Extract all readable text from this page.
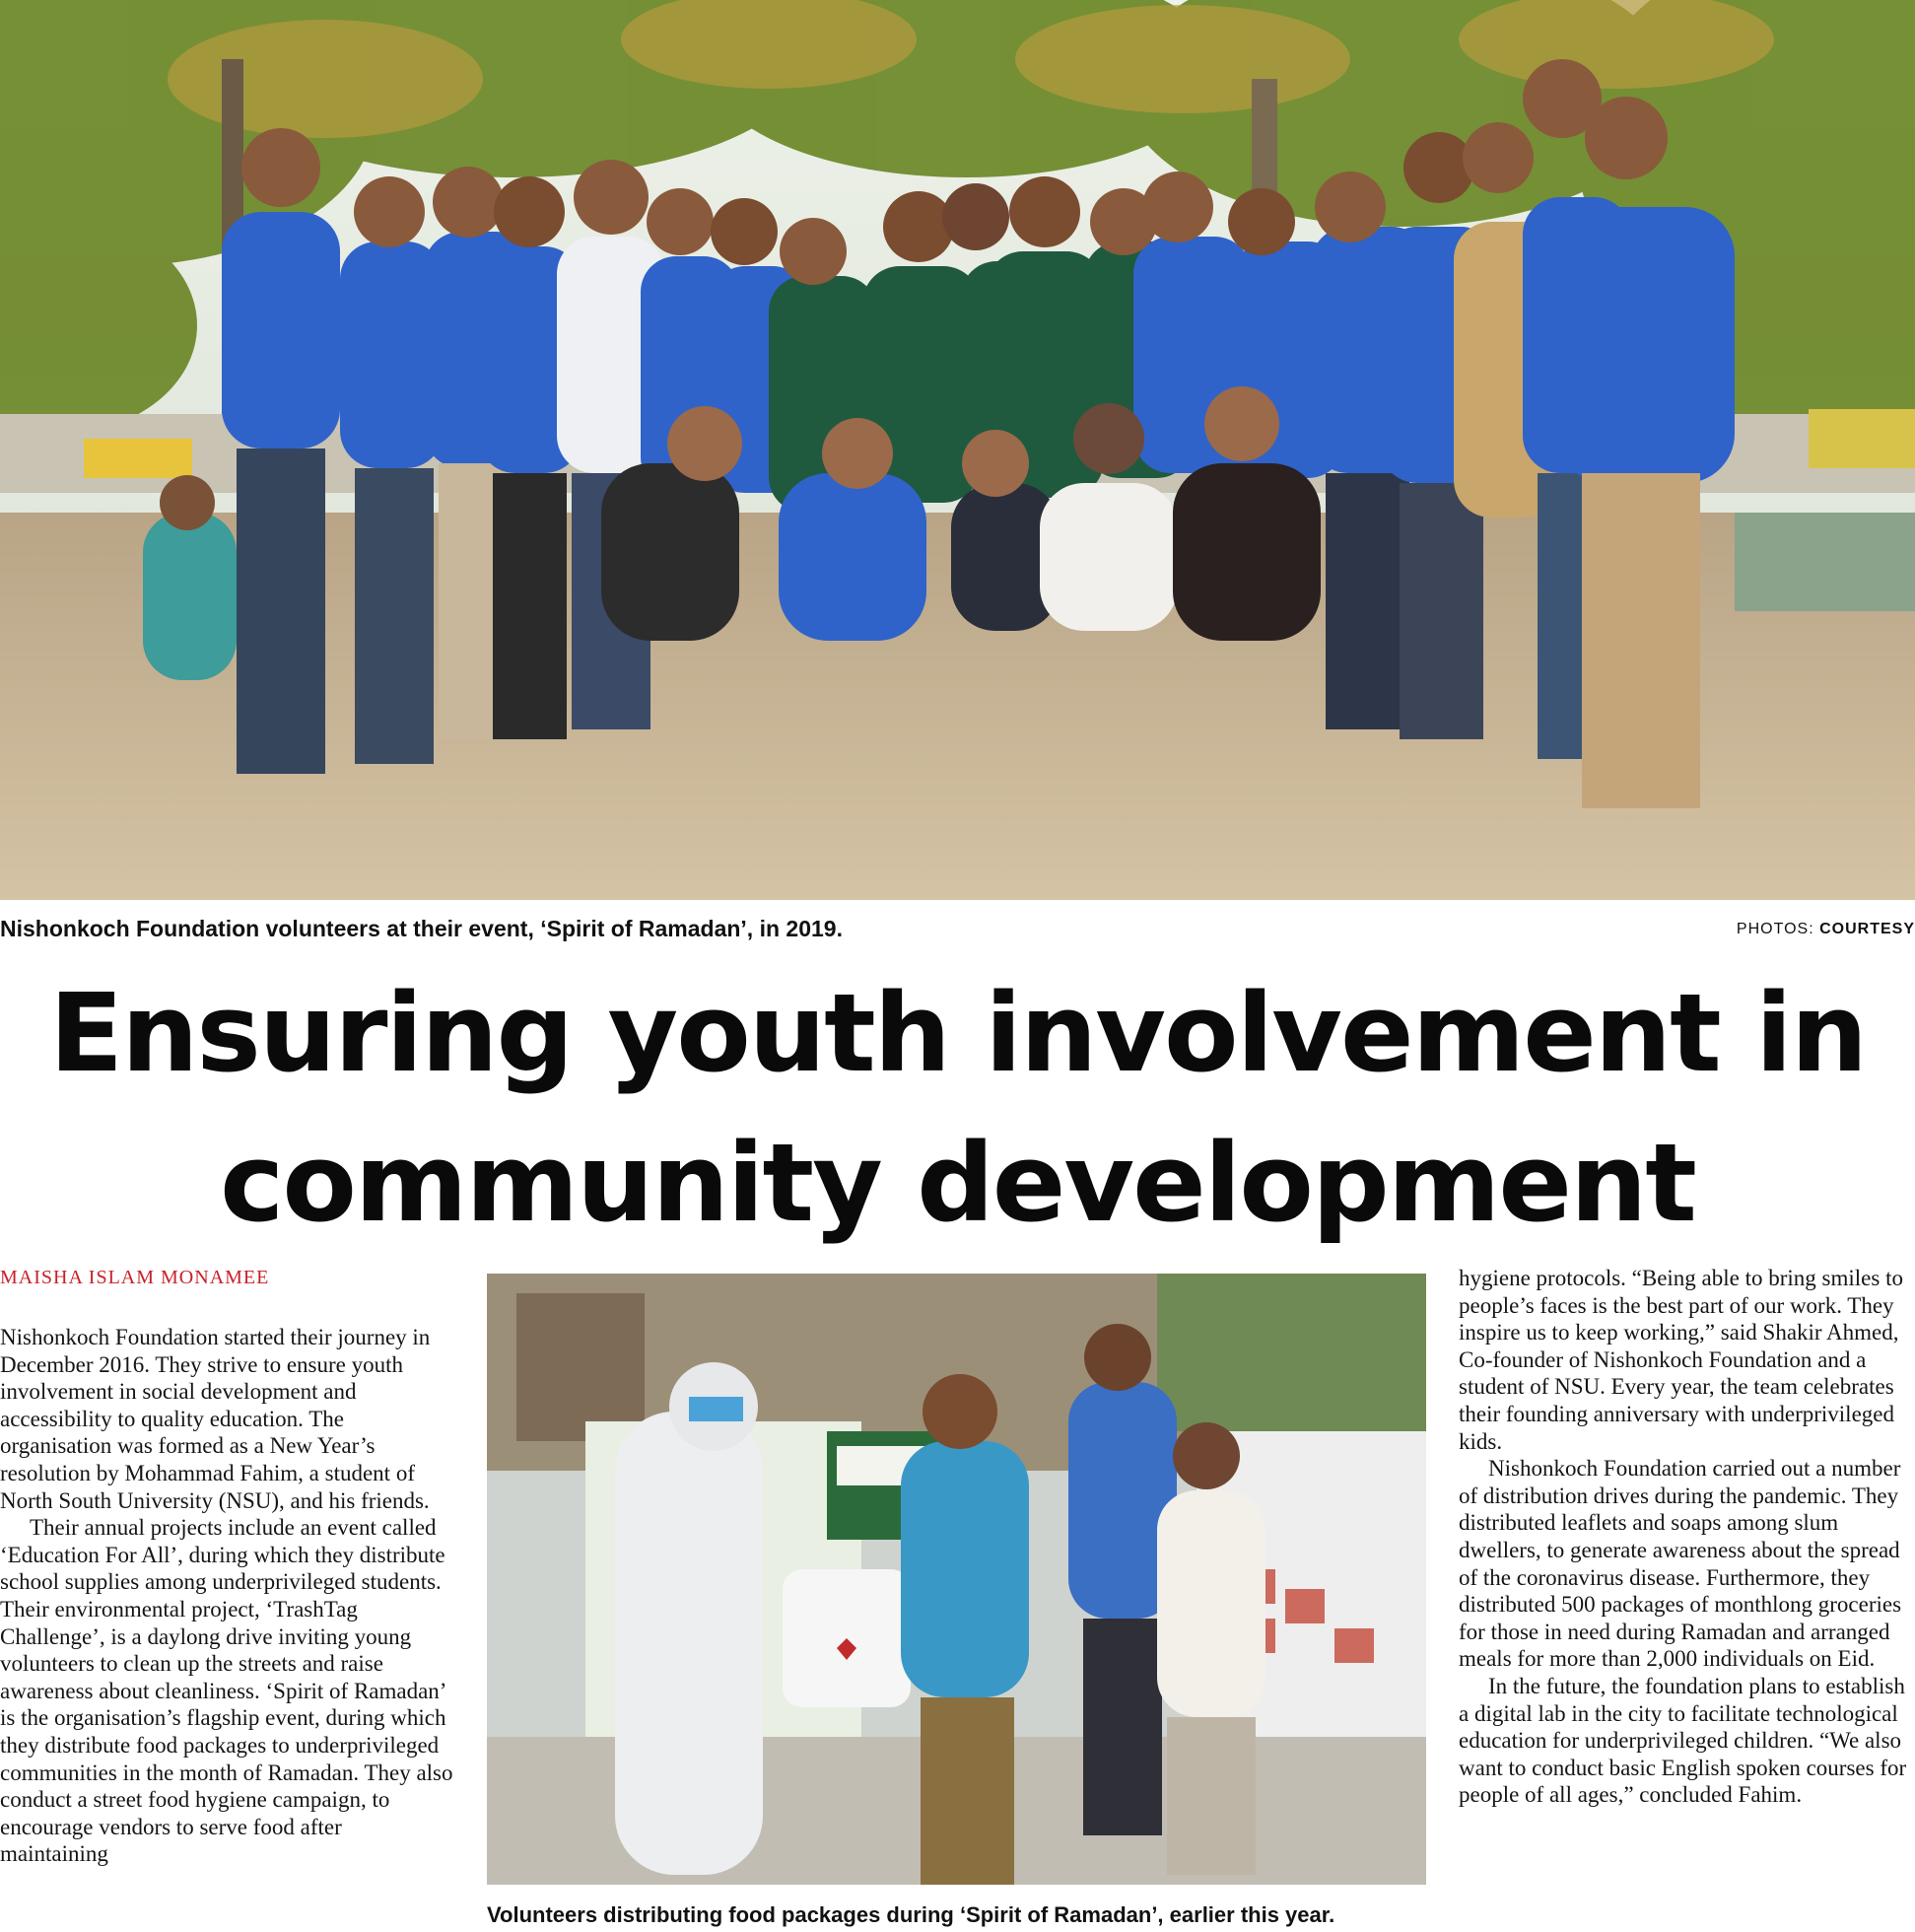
Nishonkoch Foundation volunteers at their event, ‘Spirit of Ramadan’, in 2019.	PHOTOS: COURTESY
Ensuring youth involvement in
community development
MAISHA ISLAM MONAMEE

Nishonkoch Foundation started their journey in December 2016. They strive to ensure youth involvement in social development and accessibility to quality education. The organisation was formed as a New Year’s resolution by Mohammad Fahim, a student of North South University (NSU), and his friends.

Their annual projects include an event called ‘Education For All’, during which they distribute school supplies among underprivileged students. Their environmental project, ‘TrashTag Challenge’, is a daylong drive inviting young volunteers to clean up the streets and raise awareness about cleanliness. ‘Spirit of Ramadan’ is the organisation’s flagship event, during which they distribute food packages to underprivileged communities in the month of Ramadan. They also conduct a street food hygiene campaign, to encourage vendors to serve food after maintaining

Volunteers distributing food packages during ‘Spirit of Ramadan’, earlier this year.

hygiene protocols. “Being able to bring smiles to people’s faces is the best part of our work. They inspire us to keep working,” said Shakir Ahmed, Co-founder of Nishonkoch Foundation and a student of NSU. Every year, the team celebrates their founding anniversary with underprivileged kids.

Nishonkoch Foundation carried out a number of distribution drives during the pandemic. They distributed leaflets and soaps among slum dwellers, to generate awareness about the spread of the coronavirus disease. Furthermore, they distributed 500 packages of monthlong groceries for those in need during Ramadan and arranged meals for more than 2,000 individuals on Eid.

In the future, the foundation plans to establish a digital lab in the city to facilitate technological education for underprivileged children. “We also want to conduct basic English spoken courses for people of all ages,” concluded Fahim.
